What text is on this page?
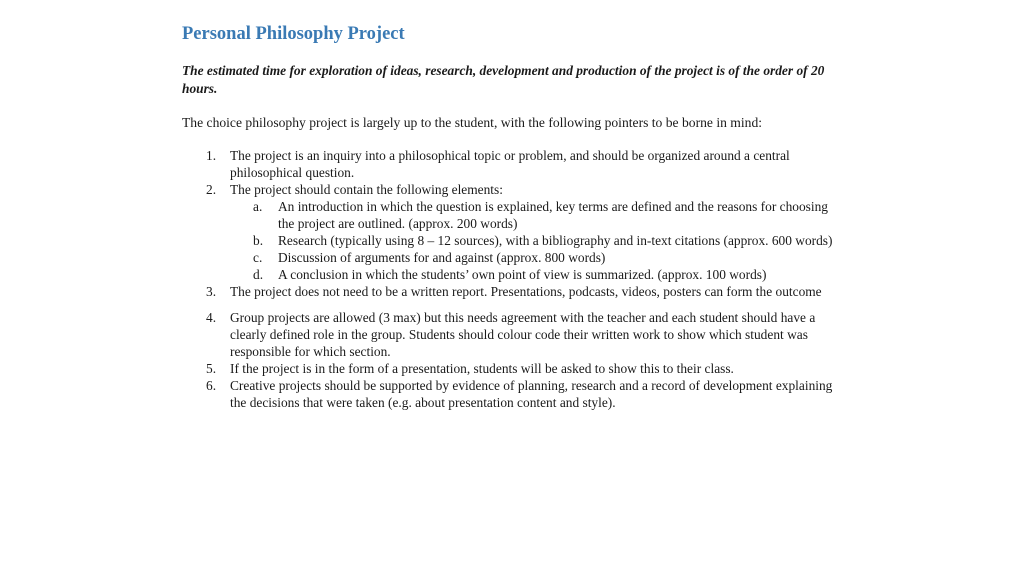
Personal Philosophy Project

The estimated time for exploration of ideas, research, development and production of the project is of the order of 20 hours.

The choice philosophy project is largely up to the student, with the following pointers to be borne in mind:

1. The project is an inquiry into a philosophical topic or problem, and should be organized around a central philosophical question.
2. The project should contain the following elements:
a. An introduction in which the question is explained, key terms are defined and the reasons for choosing the project are outlined. (approx. 200 words)
b. Research (typically using 8 – 12 sources), with a bibliography and in-text citations (approx. 600 words)
c. Discussion of arguments for and against (approx. 800 words)
d. A conclusion in which the students’ own point of view is summarized. (approx. 100 words)
3. The project does not need to be a written report. Presentations, podcasts, videos, posters can form the outcome
4. Group projects are allowed (3 max) but this needs agreement with the teacher and each student should have a clearly defined role in the group. Students should colour code their written work to show which student was responsible for which section.
5. If the project is in the form of a presentation, students will be asked to show this to their class.
6. Creative projects should be supported by evidence of planning, research and a record of development explaining the decisions that were taken (e.g. about presentation content and style).
